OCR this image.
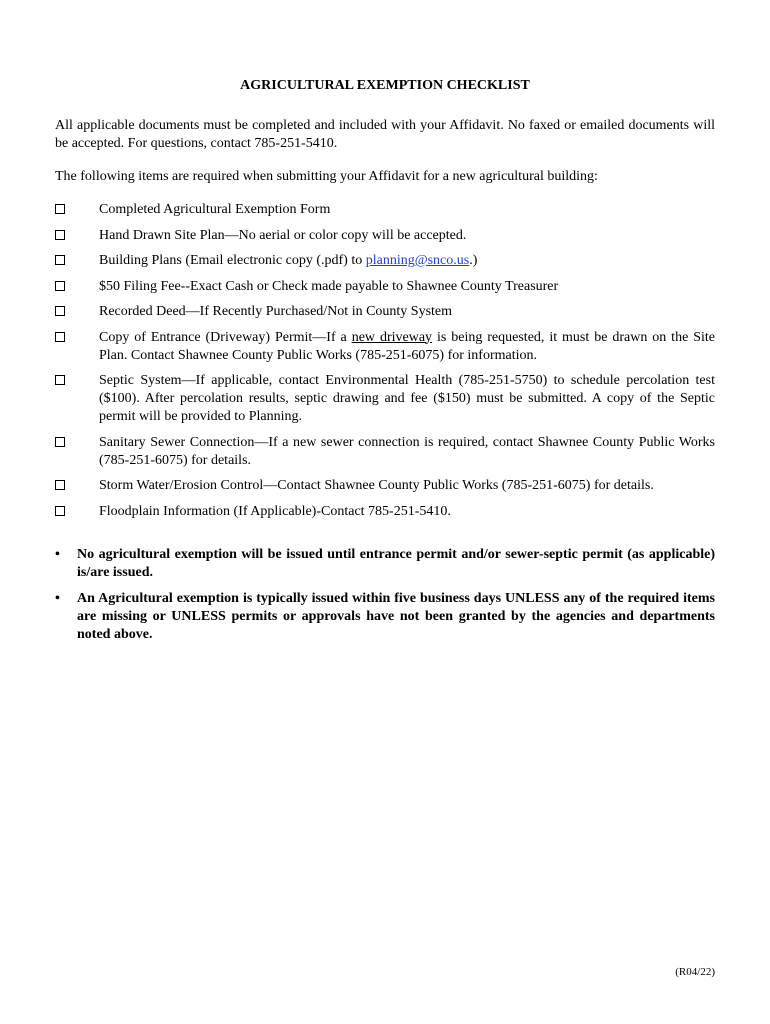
AGRICULTURAL EXEMPTION CHECKLIST

All applicable documents must be completed and included with your Affidavit. No faxed or emailed documents will be accepted. For questions, contact 785-251-5410.

The following items are required when submitting your Affidavit for a new agricultural building:

Completed Agricultural Exemption Form
Hand Drawn Site Plan—No aerial or color copy will be accepted.
Building Plans (Email electronic copy (.pdf) to planning@snco.us.)
$50 Filing Fee--Exact Cash or Check made payable to Shawnee County Treasurer
Recorded Deed—If Recently Purchased/Not in County System
Copy of Entrance (Driveway) Permit—If a new driveway is being requested, it must be drawn on the Site Plan. Contact Shawnee County Public Works (785-251-6075) for information.
Septic System—If applicable, contact Environmental Health (785-251-5750) to schedule percolation test ($100). After percolation results, septic drawing and fee ($150) must be submitted. A copy of the Septic permit will be provided to Planning.
Sanitary Sewer Connection—If a new sewer connection is required, contact Shawnee County Public Works (785-251-6075) for details.
Storm Water/Erosion Control—Contact Shawnee County Public Works (785-251-6075) for details.
Floodplain Information (If Applicable)-Contact 785-251-5410.
• No agricultural exemption will be issued until entrance permit and/or sewer-septic permit (as applicable) is/are issued.
• An Agricultural exemption is typically issued within five business days UNLESS any of the required items are missing or UNLESS permits or approvals have not been granted by the agencies and departments noted above.
(R04/22)
